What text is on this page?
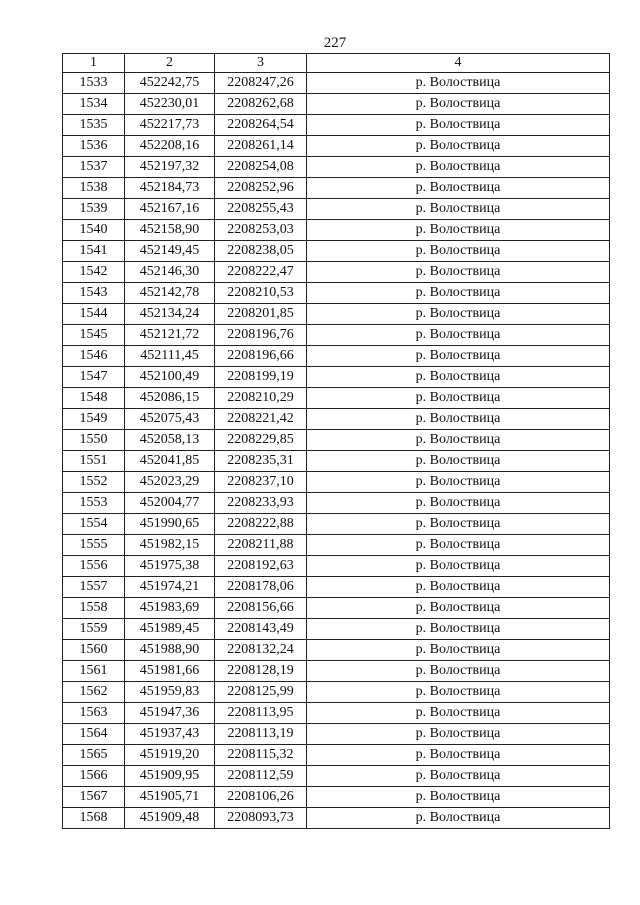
227
1	2	3	4
1533	452242,75	2208247,26	р. Волоствица
1534	452230,01	2208262,68	р. Волоствица
1535	452217,73	2208264,54	р. Волоствица
1536	452208,16	2208261,14	р. Волоствица
1537	452197,32	2208254,08	р. Волоствица
1538	452184,73	2208252,96	р. Волоствица
1539	452167,16	2208255,43	р. Волоствица
1540	452158,90	2208253,03	р. Волоствица
1541	452149,45	2208238,05	р. Волоствица
1542	452146,30	2208222,47	р. Волоствица
1543	452142,78	2208210,53	р. Волоствица
1544	452134,24	2208201,85	р. Волоствица
1545	452121,72	2208196,76	р. Волоствица
1546	452111,45	2208196,66	р. Волоствица
1547	452100,49	2208199,19	р. Волоствица
1548	452086,15	2208210,29	р. Волоствица
1549	452075,43	2208221,42	р. Волоствица
1550	452058,13	2208229,85	р. Волоствица
1551	452041,85	2208235,31	р. Волоствица
1552	452023,29	2208237,10	р. Волоствица
1553	452004,77	2208233,93	р. Волоствица
1554	451990,65	2208222,88	р. Волоствица
1555	451982,15	2208211,88	р. Волоствица
1556	451975,38	2208192,63	р. Волоствица
1557	451974,21	2208178,06	р. Волоствица
1558	451983,69	2208156,66	р. Волоствица
1559	451989,45	2208143,49	р. Волоствица
1560	451988,90	2208132,24	р. Волоствица
1561	451981,66	2208128,19	р. Волоствица
1562	451959,83	2208125,99	р. Волоствица
1563	451947,36	2208113,95	р. Волоствица
1564	451937,43	2208113,19	р. Волоствица
1565	451919,20	2208115,32	р. Волоствица
1566	451909,95	2208112,59	р. Волоствица
1567	451905,71	2208106,26	р. Волоствица
1568	451909,48	2208093,73	р. Волоствица
